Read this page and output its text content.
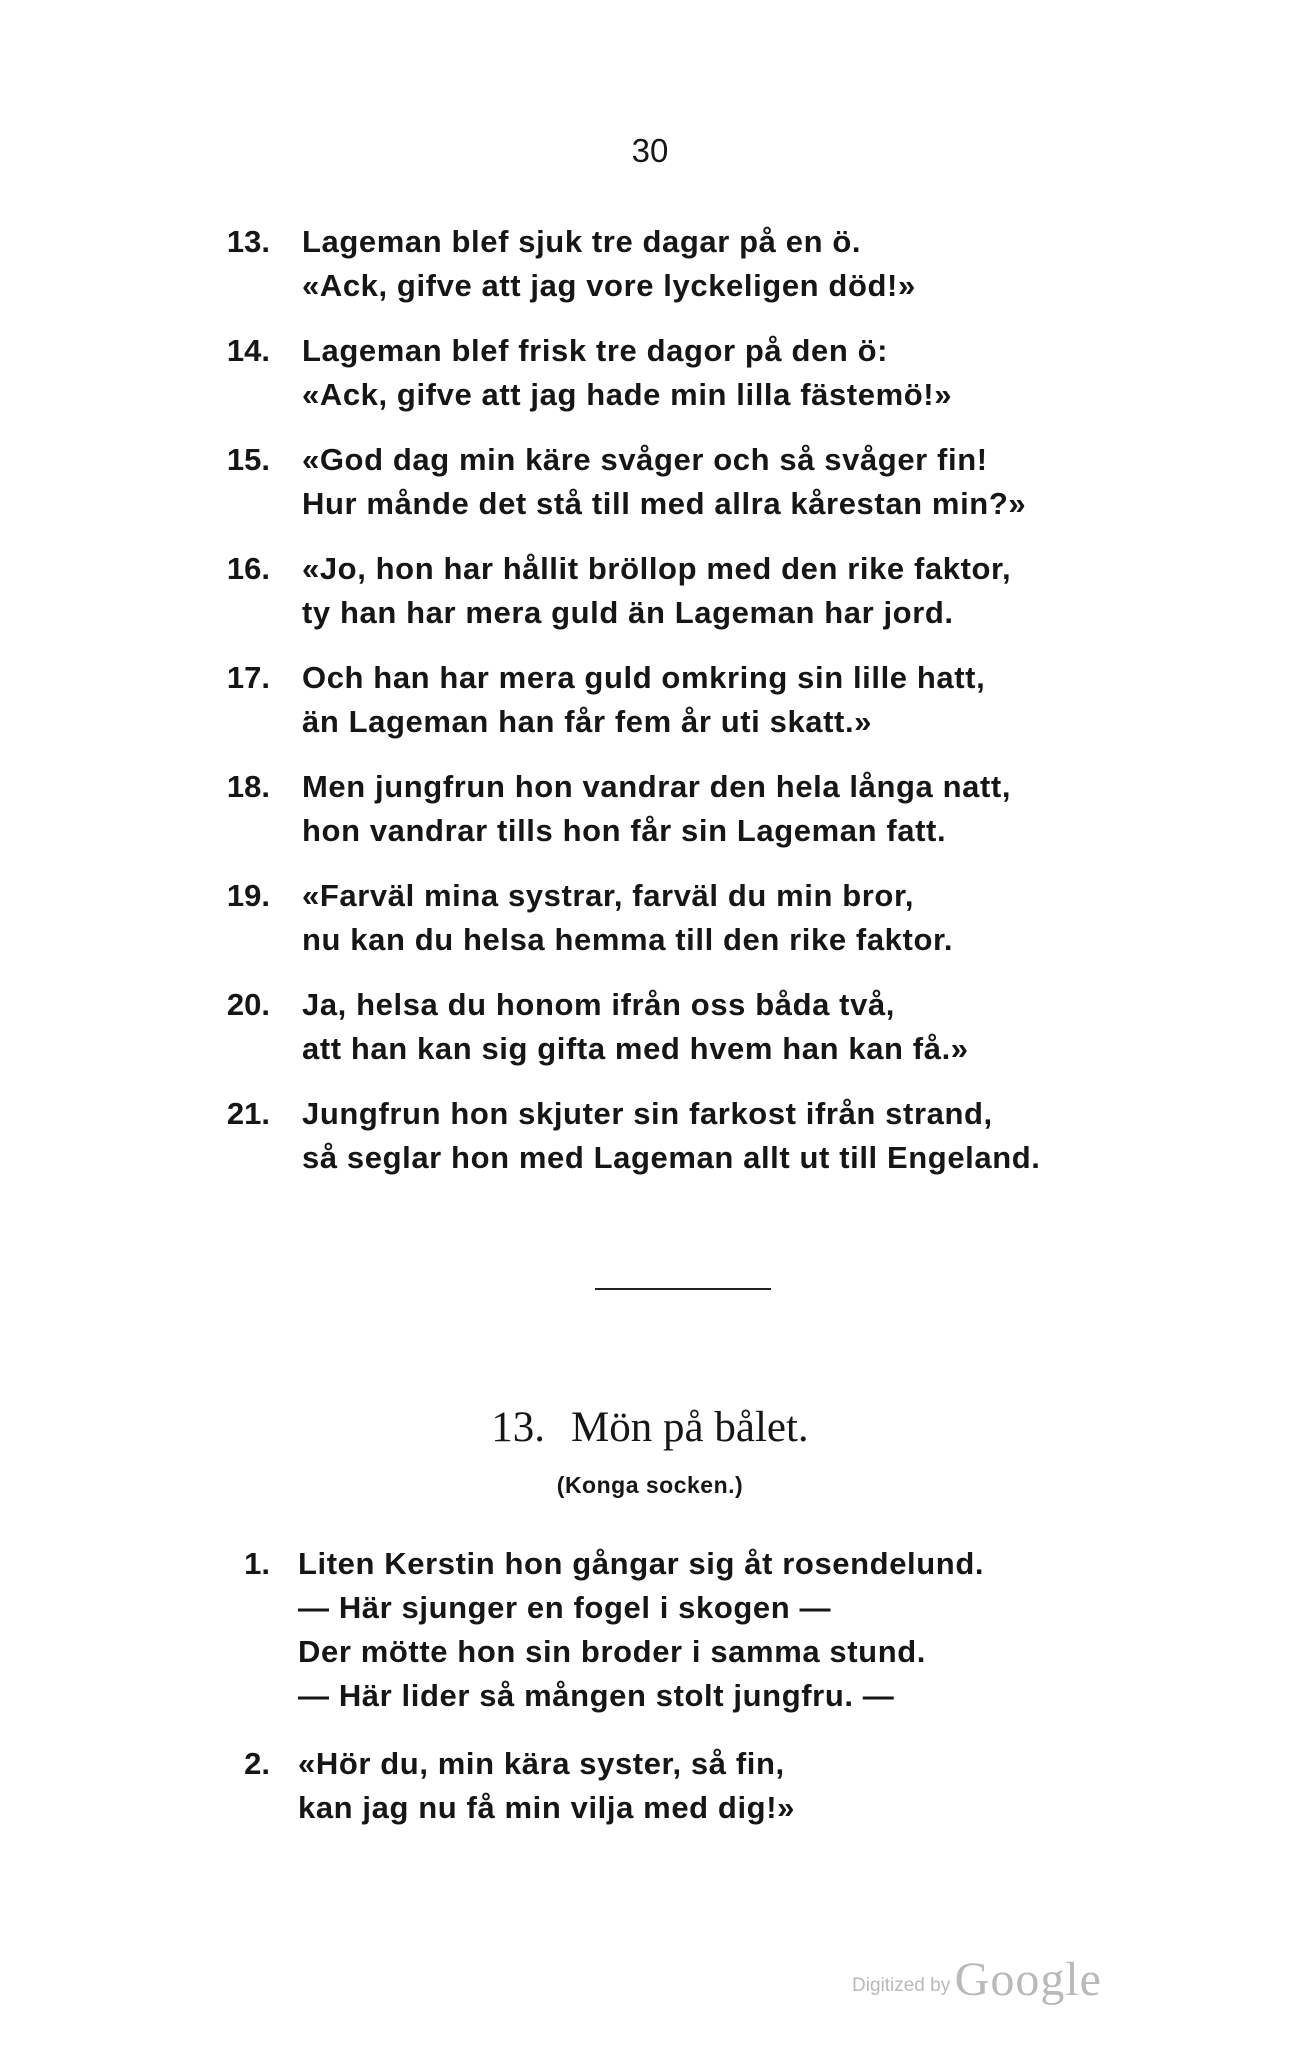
30
13. Lageman blef sjuk tre dagar på en ö.
«Ack, gifve att jag vore lyckeligen död!»
14. Lageman blef frisk tre dagor på den ö:
«Ack, gifve att jag hade min lilla fästemö!»
15. «God dag min käre svåger och så svåger fin!
Hur månde det stå till med allra kårestan min?»
16. «Jo, hon har hållit bröllop med den rike faktor,
ty han har mera guld än Lageman har jord.
17. Och han har mera guld omkring sin lille hatt,
än Lageman han får fem år uti skatt.»
18. Men jungfrun hon vandrar den hela långa natt,
hon vandrar tills hon får sin Lageman fatt.
19. «Farväl mina systrar, farväl du min bror,
nu kan du helsa hemma till den rike faktor.
20. Ja, helsa du honom ifrån oss båda två,
att han kan sig gifta med hvem han kan få.»
21. Jungfrun hon skjuter sin farkost ifrån strand,
så seglar hon med Lageman allt ut till Engeland.
13. Mön på bålet.
(Konga socken.)
1. Liten Kerstin hon gångar sig åt rosendelund.
— Här sjunger en fogel i skogen —
Der mötte hon sin broder i samma stund.
— Här lider så mången stolt jungfru. —
2. «Hör du, min kära syster, så fin,
kan jag nu få min vilja med dig!»
Digitized by Google
